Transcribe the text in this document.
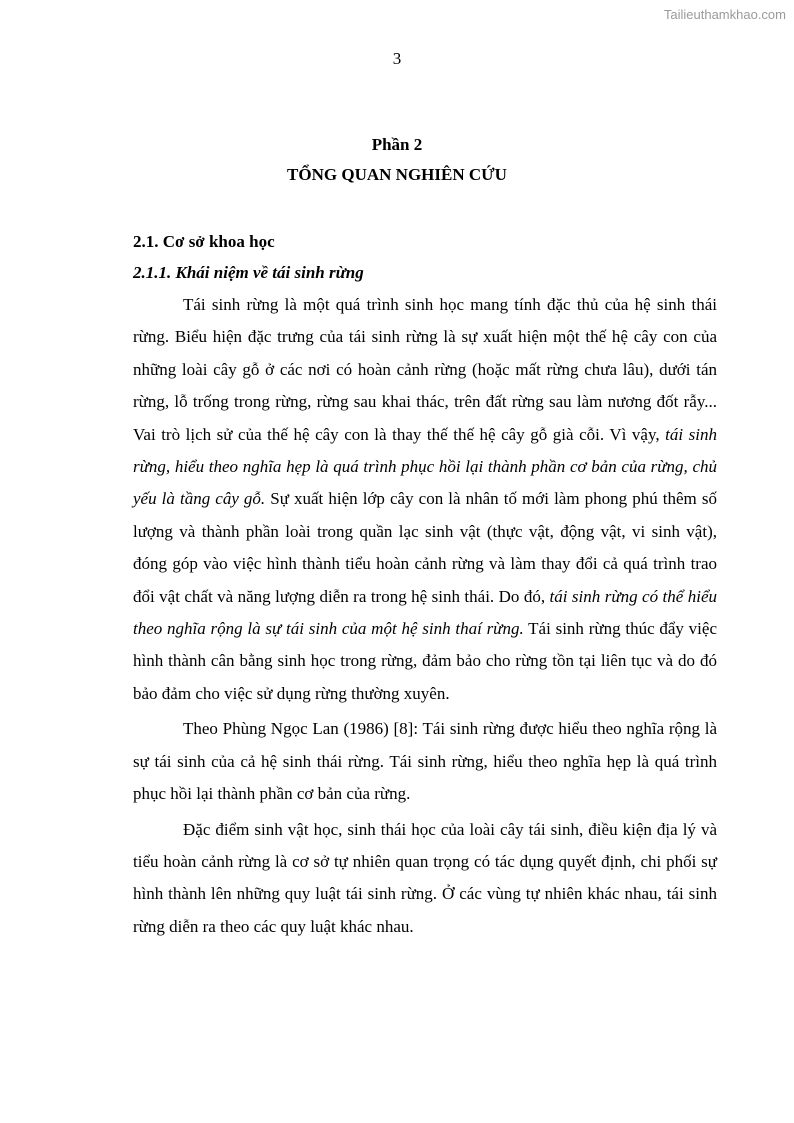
Tailieuthamkhao.com
3
Phần 2
TỔNG QUAN NGHIÊN CỨU
2.1. Cơ sở khoa học
2.1.1. Khái niệm về tái sinh rừng

Tái sinh rừng là một quá trình sinh học mang tính đặc thủ của hệ sinh thái rừng. Biểu hiện đặc trưng của tái sinh rừng là sự xuất hiện một thế hệ cây con của những loài cây gỗ ở các nơi có hoàn cảnh rừng (hoặc mất rừng chưa lâu), dưới tán rừng, lỗ trống trong rừng, rừng sau khai thác, trên đất rừng sau làm nương đốt rẫy... Vai trò lịch sử của thế hệ cây con là thay thế thế hệ cây gỗ già cỗi. Vì vậy, tái sinh rừng, hiểu theo nghĩa hẹp là quá trình phục hồi lại thành phần cơ bản của rừng, chủ yếu là tầng cây gỗ. Sự xuất hiện lớp cây con là nhân tố mới làm phong phú thêm số lượng và thành phần loài trong quần lạc sinh vật (thực vật, động vật, vi sinh vật), đóng góp vào việc hình thành tiểu hoàn cảnh rừng và làm thay đổi cả quá trình trao đổi vật chất và năng lượng diễn ra trong hệ sinh thái. Do đó, tái sinh rừng có thể hiểu theo nghĩa rộng là sự tái sinh của một hệ sinh thaí rừng. Tái sinh rừng thúc đẩy việc hình thành cân bằng sinh học trong rừng, đảm bảo cho rừng tồn tại liên tục và do đó bảo đảm cho việc sử dụng rừng thường xuyên.

Theo Phùng Ngọc Lan (1986) [8]: Tái sinh rừng được hiểu theo nghĩa rộng là sự tái sinh của cả hệ sinh thái rừng. Tái sinh rừng, hiểu theo nghĩa hẹp là quá trình phục hồi lại thành phần cơ bản của rừng.

Đặc điểm sinh vật học, sinh thái học của loài cây tái sinh, điều kiện địa lý và tiểu hoàn cảnh rừng là cơ sở tự nhiên quan trọng có tác dụng quyết định, chi phối sự hình thành lên những quy luật tái sinh rừng. Ở các vùng tự nhiên khác nhau, tái sinh rừng diễn ra theo các quy luật khác nhau.
